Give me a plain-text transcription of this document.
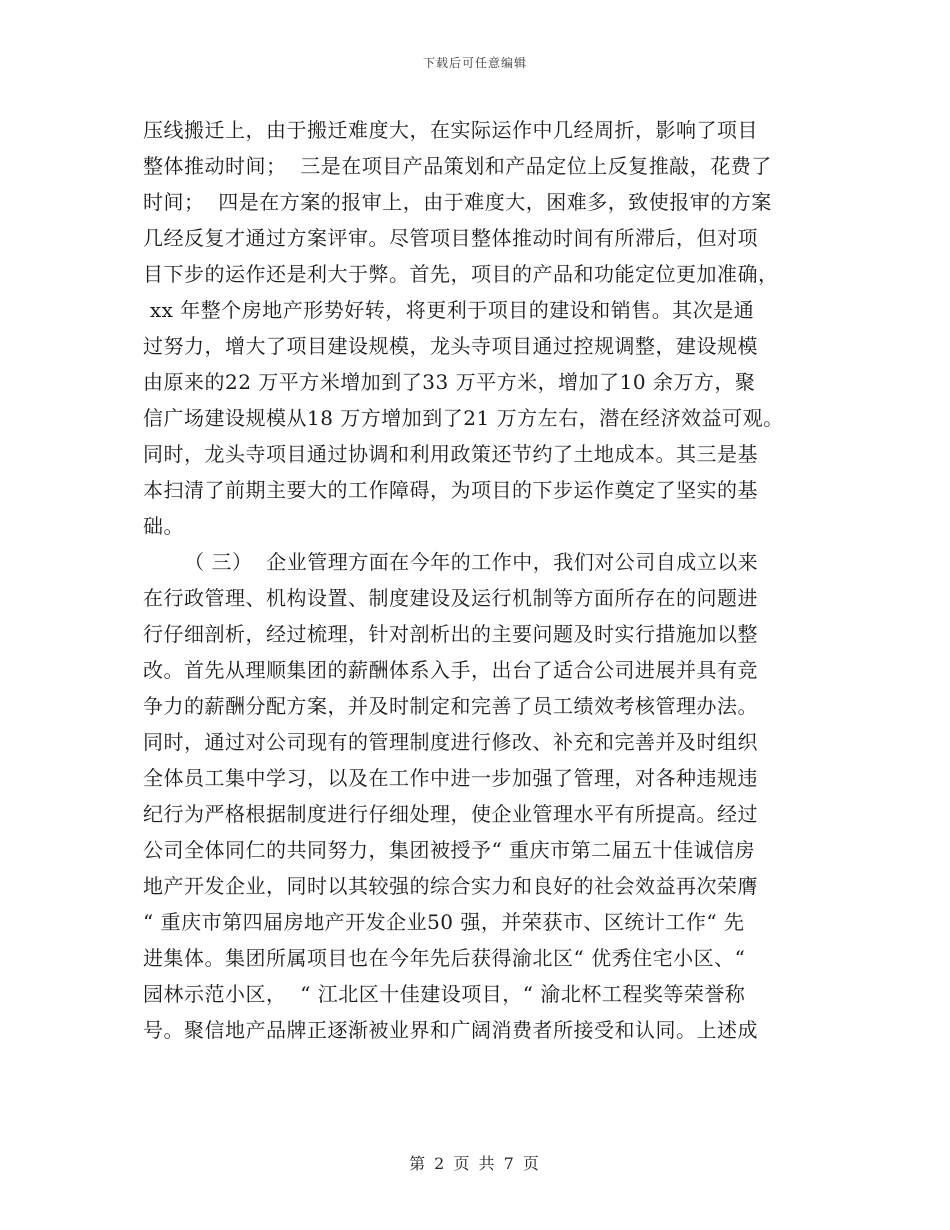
下载后可任意编辑
压线搬迁上，由于搬迁难度大，在实际运作中几经周折，影响了项目
整体推动时间；  三是在项目产品策划和产品定位上反复推敲，花费了
时间；  四是在方案的报审上，由于难度大，困难多，致使报审的方案
几经反复才通过方案评审。尽管项目整体推动时间有所滞后，但对项
目下步的运作还是利大于弊。首先，项目的产品和功能定位更加准确，
xx 年整个房地产形势好转，将更利于项目的建设和销售。其次是通
过努力，增大了项目建设规模，龙头寺项目通过控规调整，建设规模
由原来的22 万平方米增加到了33 万平方米，增加了10 余万方，聚
信广场建设规模从18 万方增加到了21 万方左右，潜在经济效益可观。
同时，龙头寺项目通过协调和利用政策还节约了土地成本。其三是基
本扫清了前期主要大的工作障碍，为项目的下步运作奠定了坚实的基
础。
（ 三）  企业管理方面在今年的工作中，我们对公司自成立以来
在行政管理、机构设置、制度建设及运行机制等方面所存在的问题进
行仔细剖析，经过梳理，针对剖析出的主要问题及时实行措施加以整
改。首先从理顺集团的薪酬体系入手，出台了适合公司进展并具有竞
争力的薪酬分配方案，并及时制定和完善了员工绩效考核管理办法。
同时，通过对公司现有的管理制度进行修改、补充和完善并及时组织
全体员工集中学习，以及在工作中进一步加强了管理，对各种违规违
纪行为严格根据制度进行仔细处理，使企业管理水平有所提高。经过
公司全体同仁的共同努力，集团被授予“ 重庆市第二届五十佳诚信房
地产开发企业，同时以其较强的综合实力和良好的社会效益再次荣膺
“ 重庆市第四届房地产开发企业50 强，并荣获市、区统计工作“ 先
进集体。集团所属项目也在今年先后获得渝北区“ 优秀住宅小区、“
园林示范小区，  “ 江北区十佳建设项目，“ 渝北杯工程奖等荣誉称
号。聚信地产品牌正逐渐被业界和广阔消费者所接受和认同。上述成
第 2 页 共 7 页
